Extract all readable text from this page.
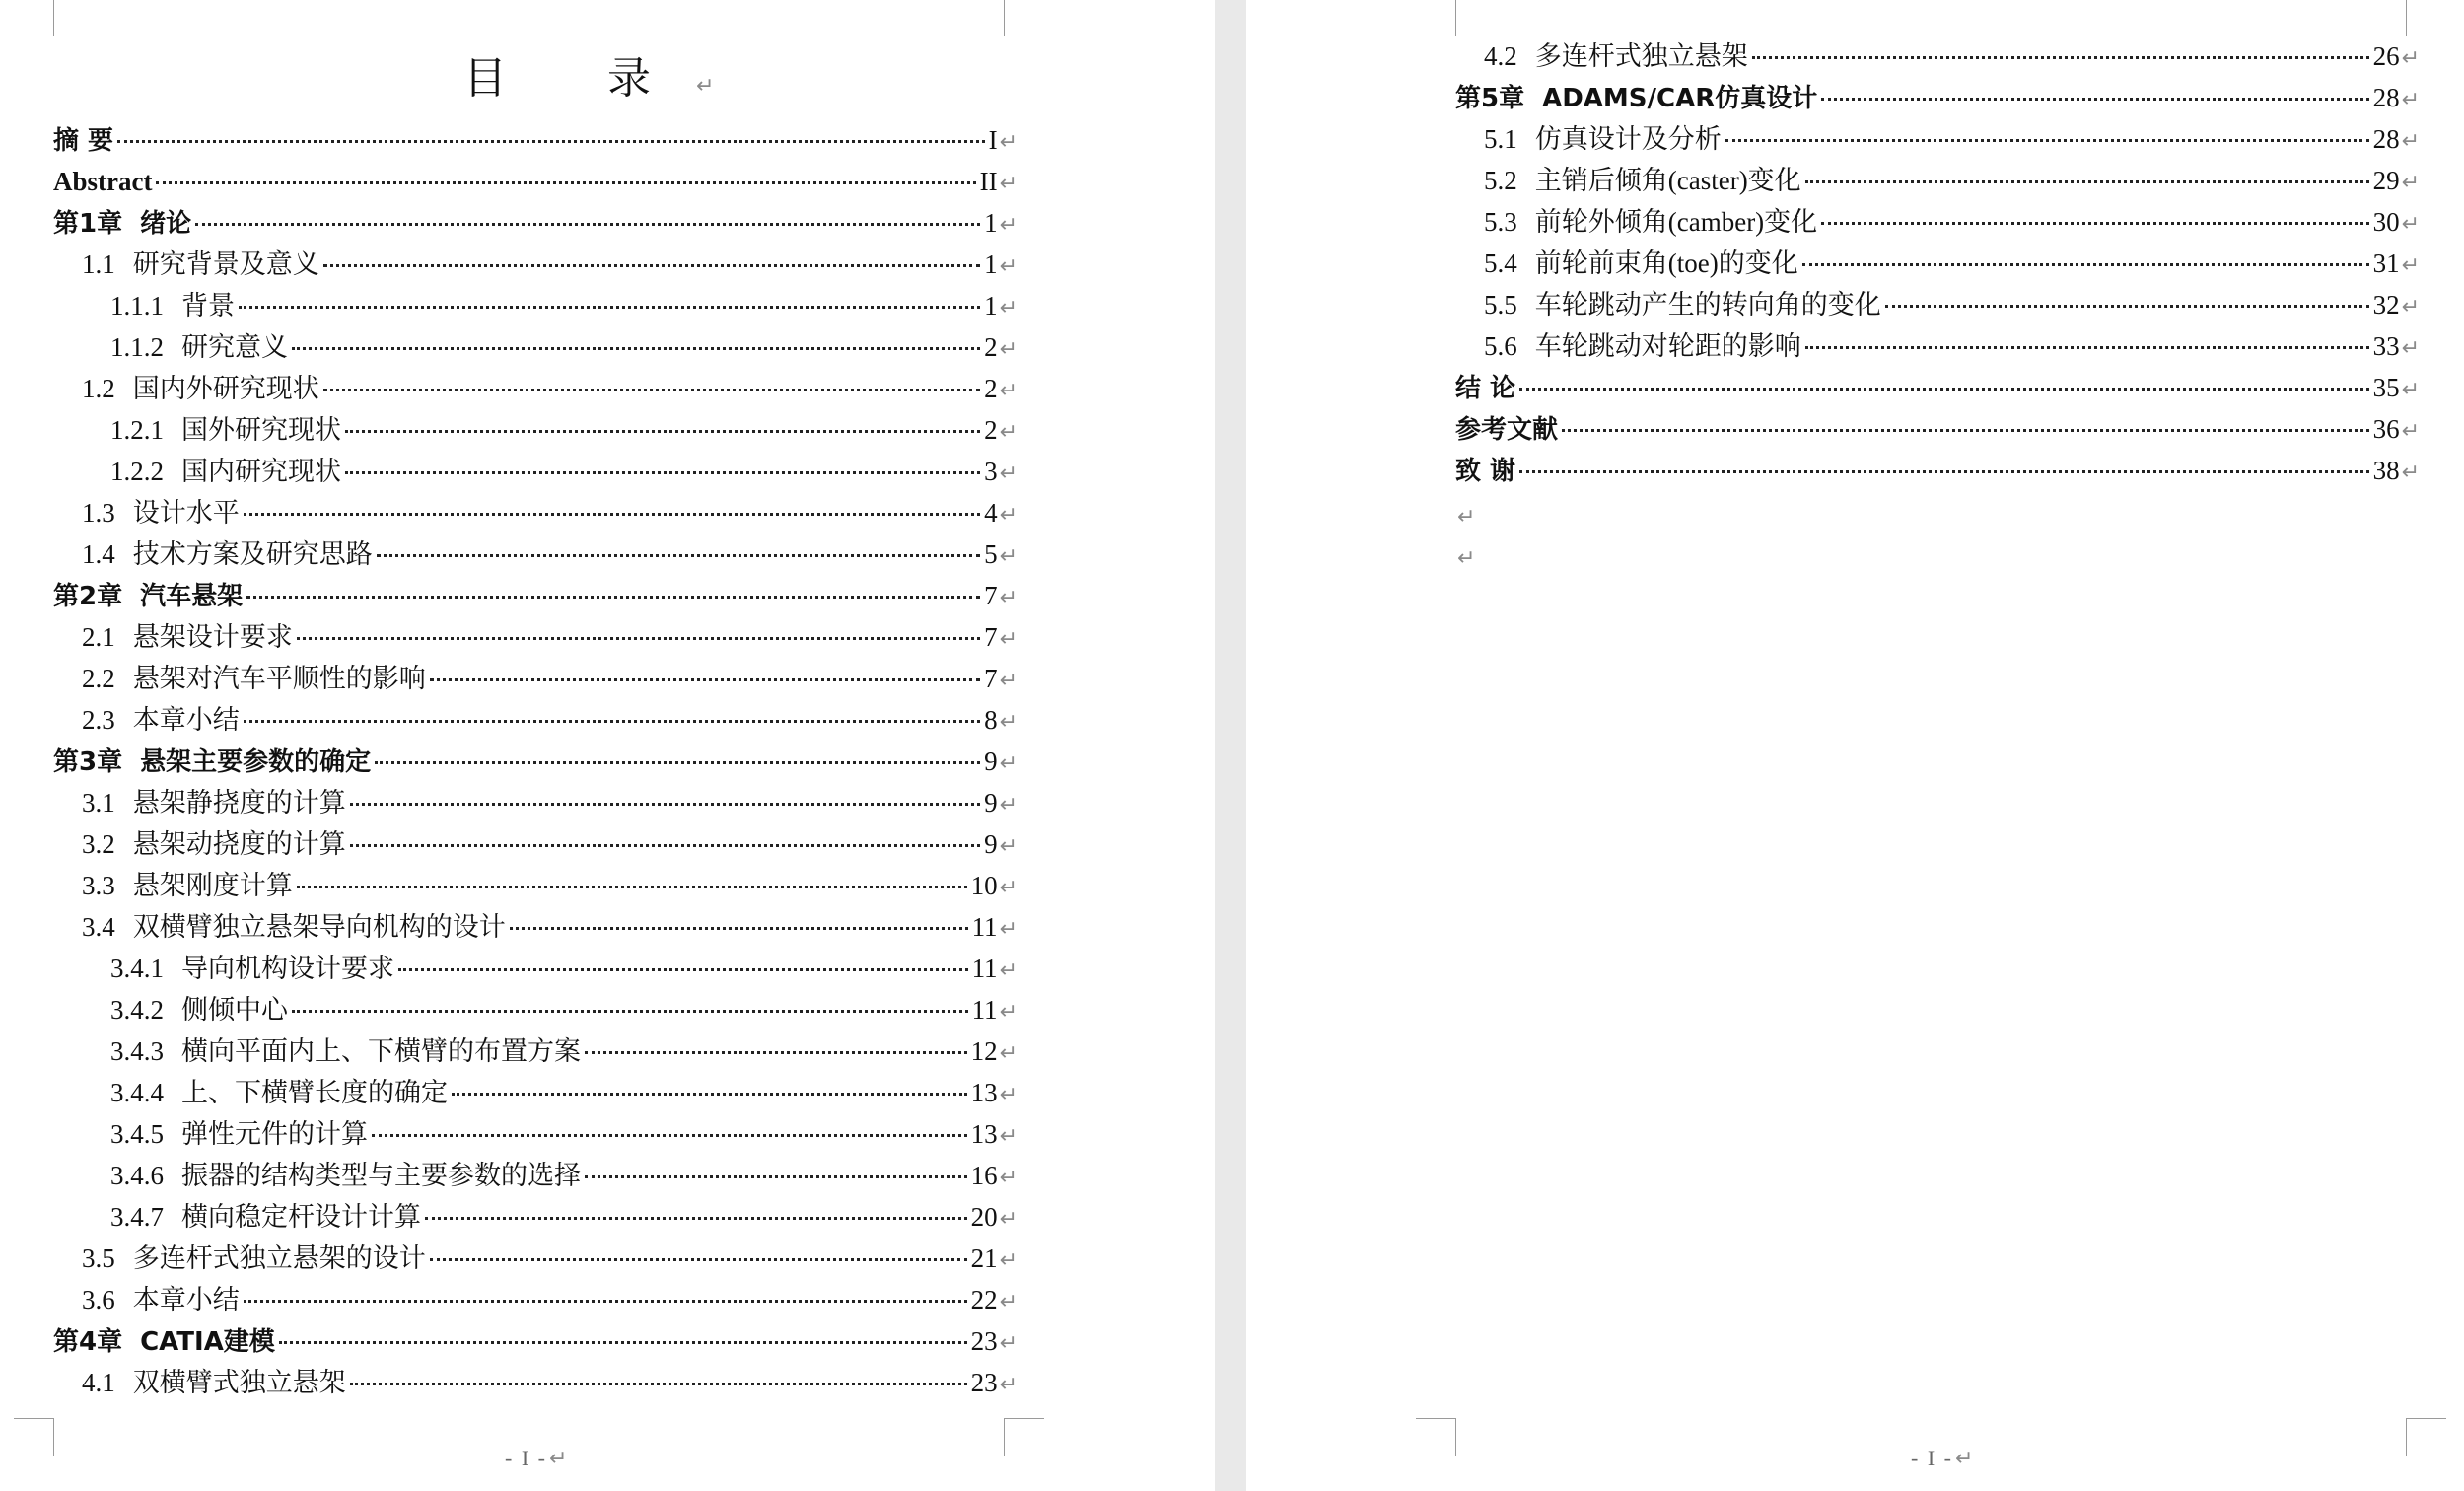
目 录↵
摘 要	I ↵
Abstract	II ↵
第1章 绪论	1 ↵
1.1 研究背景及意义	1 ↵
1.1.1 背景	1 ↵
1.1.2 研究意义	2 ↵
1.2 国内外研究现状	2 ↵
1.2.1 国外研究现状	2 ↵
1.2.2 国内研究现状	3 ↵
1.3 设计水平	4 ↵
1.4 技术方案及研究思路	5 ↵
第2章 汽车悬架	7 ↵
2.1 悬架设计要求	7 ↵
2.2 悬架对汽车平顺性的影响	7 ↵
2.3 本章小结	8 ↵
第3章 悬架主要参数的确定	9 ↵
3.1 悬架静挠度的计算	9 ↵
3.2 悬架动挠度的计算	9 ↵
3.3 悬架刚度计算	10 ↵
3.4 双横臂独立悬架导向机构的设计	11 ↵
3.4.1 导向机构设计要求	11 ↵
3.4.2 侧倾中心	11 ↵
3.4.3 横向平面内上、下横臂的布置方案	12 ↵
3.4.4 上、下横臂长度的确定	13 ↵
3.4.5 弹性元件的计算	13 ↵
3.4.6 振器的结构类型与主要参数的选择	16 ↵
3.4.7 横向稳定杆设计计算	20 ↵
3.5 多连杆式独立悬架的设计	21 ↵
3.6 本章小结	22 ↵
第4章 CATIA建模	23 ↵
4.1 双横臂式独立悬架	23 ↵
- I -↵	- I -↵
4.2 多连杆式独立悬架	26 ↵
第5章 ADAMS/CAR仿真设计	28 ↵
5.1 仿真设计及分析	28 ↵
5.2 主销后倾角(caster)变化	29 ↵
5.3 前轮外倾角(camber)变化	30 ↵
5.4 前轮前束角(toe)的变化	31 ↵
5.5 车轮跳动产生的转向角的变化	32 ↵
5.6 车轮跳动对轮距的影响	33 ↵
结 论	35 ↵
参考文献	36 ↵
致 谢	38 ↵
↵
↵
